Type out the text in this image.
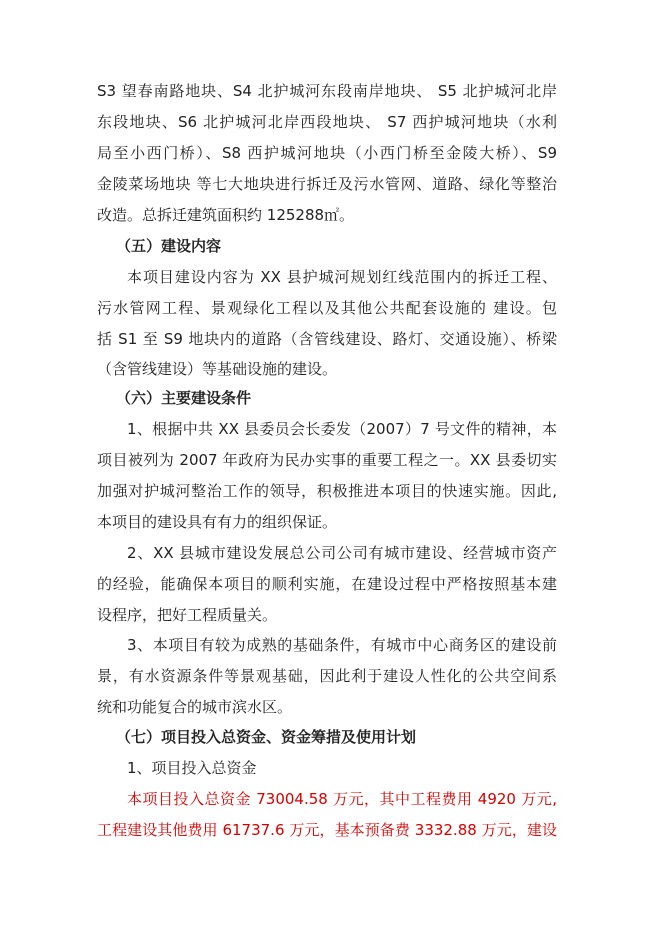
S3 望春南路地块、S4 北护城河东段南岸地块、 S5 北护城河北岸
东段地块、S6 北护城河北岸西段地块、 S7 西护城河地块（水利
局至小西门桥）、S8 西护城河地块（小西门桥至金陵大桥）、S9
金陵菜场地块 等七大地块进行拆迁及污水管网、道路、绿化等整治
改造。总拆迁建筑面积约 125288㎡。
（五）建设内容
本项目建设内容为 XX 县护城河规划红线范围内的拆迁工程、
污水管网工程、景观绿化工程以及其他公共配套设施的 建设。包
括 S1 至 S9 地块内的道路（含管线建设、路灯、交通设施）、桥梁
（含管线建设）等基础设施的建设。
（六）主要建设条件
1、根据中共 XX 县委员会长委发（2007）7 号文件的精神，本
项目被列为 2007 年政府为民办实事的重要工程之一。XX 县委切实
加强对护城河整治工作的领导，积极推进本项目的快速实施。因此,
本项目的建设具有有力的组织保证。
2、XX 县城市建设发展总公司公司有城市建设、经营城市资产
的经验，能确保本项目的顺利实施，在建设过程中严格按照基本建
设程序，把好工程质量关。
3、本项目有较为成熟的基础条件，有城市中心商务区的建设前
景，有水资源条件等景观基础，因此利于建设人性化的公共空间系
统和功能复合的城市滨水区。
（七）项目投入总资金、资金筹措及使用计划
1、项目投入总资金
本项目投入总资金 73004.58 万元，其中工程费用 4920 万元,
工程建设其他费用 61737.6 万元，基本预备费 3332.88 万元，建设
